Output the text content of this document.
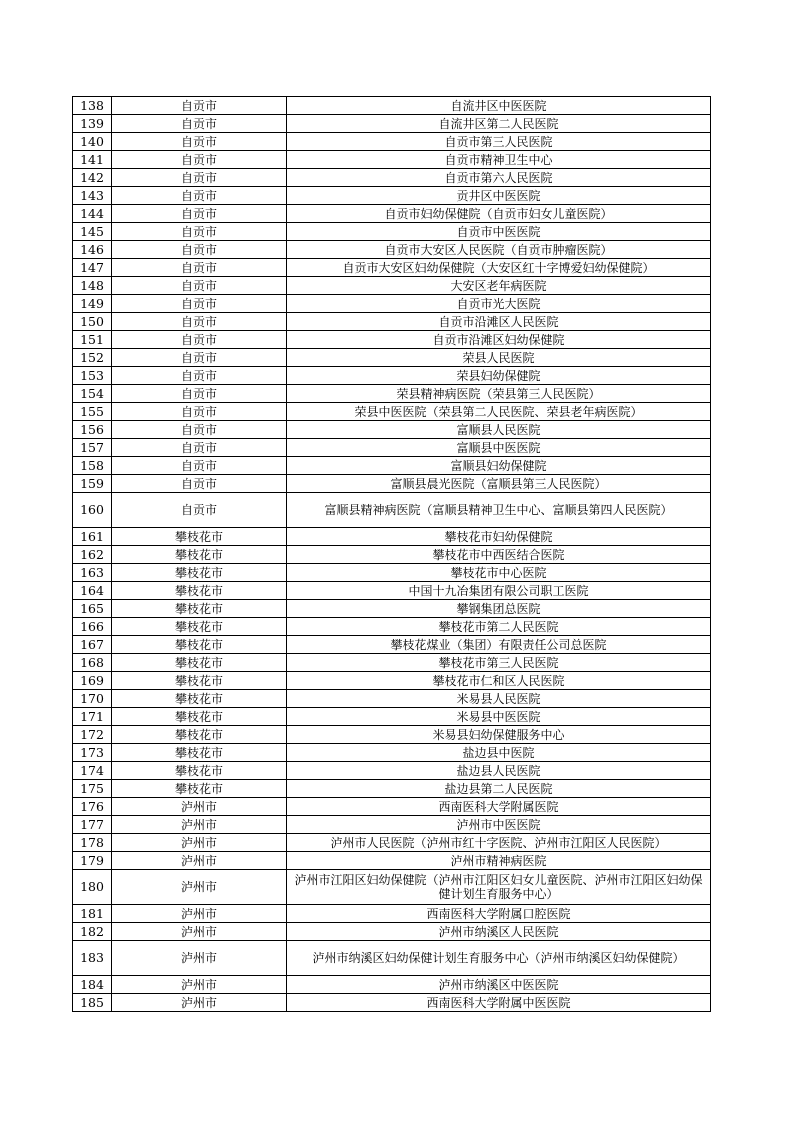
138	自贡市	自流井区中医医院
139	自贡市	自流井区第二人民医院
140	自贡市	自贡市第三人民医院
141	自贡市	自贡市精神卫生中心
142	自贡市	自贡市第六人民医院
143	自贡市	贡井区中医医院
144	自贡市	自贡市妇幼保健院（自贡市妇女儿童医院）
145	自贡市	自贡市中医医院
146	自贡市	自贡市大安区人民医院（自贡市肿瘤医院）
147	自贡市	自贡市大安区妇幼保健院（大安区红十字博爱妇幼保健院）
148	自贡市	大安区老年病医院
149	自贡市	自贡市光大医院
150	自贡市	自贡市沿滩区人民医院
151	自贡市	自贡市沿滩区妇幼保健院
152	自贡市	荣县人民医院
153	自贡市	荣县妇幼保健院
154	自贡市	荣县精神病医院（荣县第三人民医院）
155	自贡市	荣县中医医院（荣县第二人民医院、荣县老年病医院）
156	自贡市	富顺县人民医院
157	自贡市	富顺县中医医院
158	自贡市	富顺县妇幼保健院
159	自贡市	富顺县晨光医院（富顺县第三人民医院）
160	自贡市	富顺县精神病医院（富顺县精神卫生中心、富顺县第四人民医院）
161	攀枝花市	攀枝花市妇幼保健院
162	攀枝花市	攀枝花市中西医结合医院
163	攀枝花市	攀枝花市中心医院
164	攀枝花市	中国十九冶集团有限公司职工医院
165	攀枝花市	攀钢集团总医院
166	攀枝花市	攀枝花市第二人民医院
167	攀枝花市	攀枝花煤业（集团）有限责任公司总医院
168	攀枝花市	攀枝花市第三人民医院
169	攀枝花市	攀枝花市仁和区人民医院
170	攀枝花市	米易县人民医院
171	攀枝花市	米易县中医医院
172	攀枝花市	米易县妇幼保健服务中心
173	攀枝花市	盐边县中医院
174	攀枝花市	盐边县人民医院
175	攀枝花市	盐边县第二人民医院
176	泸州市	西南医科大学附属医院
177	泸州市	泸州市中医医院
178	泸州市	泸州市人民医院（泸州市红十字医院、泸州市江阳区人民医院）
179	泸州市	泸州市精神病医院
180	泸州市	泸州市江阳区妇幼保健院（泸州市江阳区妇女儿童医院、泸州市江阳区妇幼保健计划生育服务中心）
181	泸州市	西南医科大学附属口腔医院
182	泸州市	泸州市纳溪区人民医院
183	泸州市	泸州市纳溪区妇幼保健计划生育服务中心（泸州市纳溪区妇幼保健院）
184	泸州市	泸州市纳溪区中医医院
185	泸州市	西南医科大学附属中医医院
